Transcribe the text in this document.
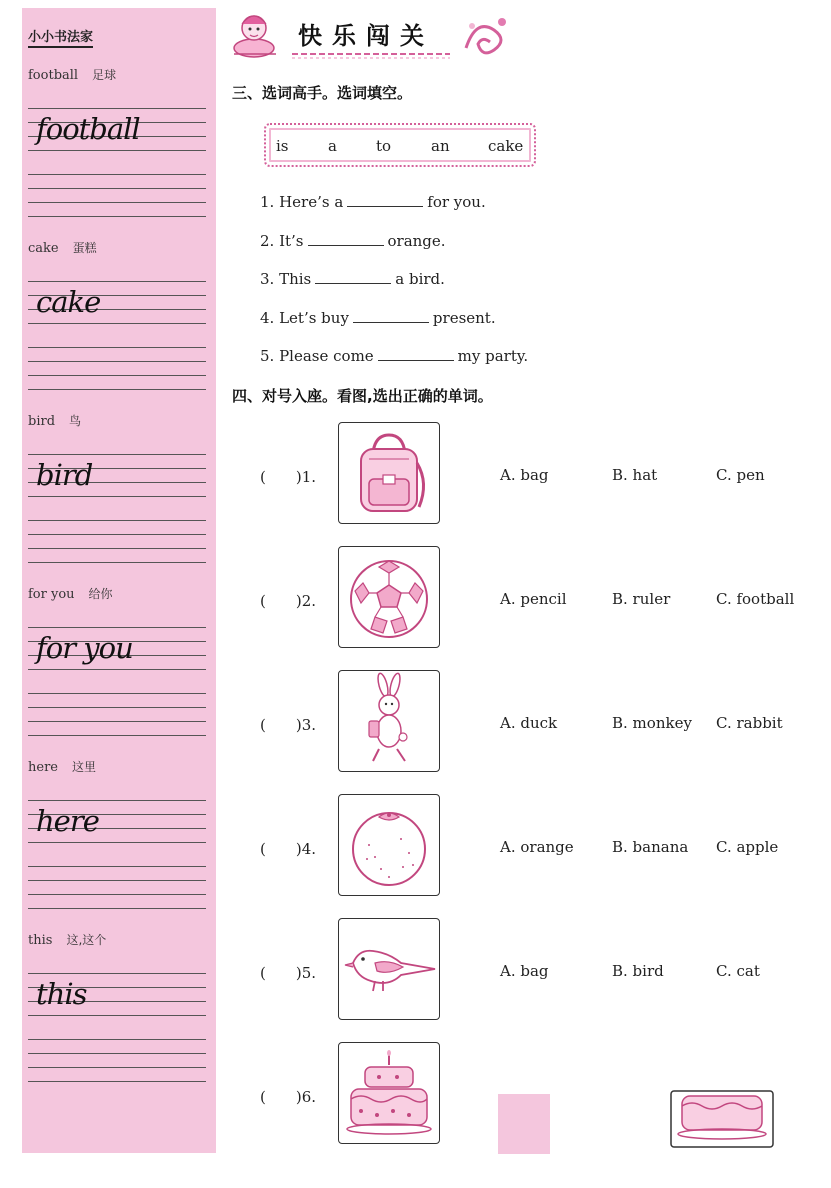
小小书法家
football 足球
football
cake 蛋糕
cake
bird 鸟
bird
for you 给你
for you
here 这里
here
this 这,这个
this
快乐闯关
三、选词高手。选词填空。
is	a	to	an	cake
1. Here’s a	for you.
2. It’s	orange.
3. This	a bird.
4. Let’s buy	present.
5. Please come	my party.
四、对号入座。看图,选出正确的单词。
(　　)1.	A. bag	B. hat	C. pen
(　　)2.	A. pencil	B. ruler	C. football
(　　)3.	A. duck	B. monkey C. rabbit
(　　)4.	A. orange	B. banana C. apple
(　　)5.	A. bag	B. bird	C. cat
(　　)6.
